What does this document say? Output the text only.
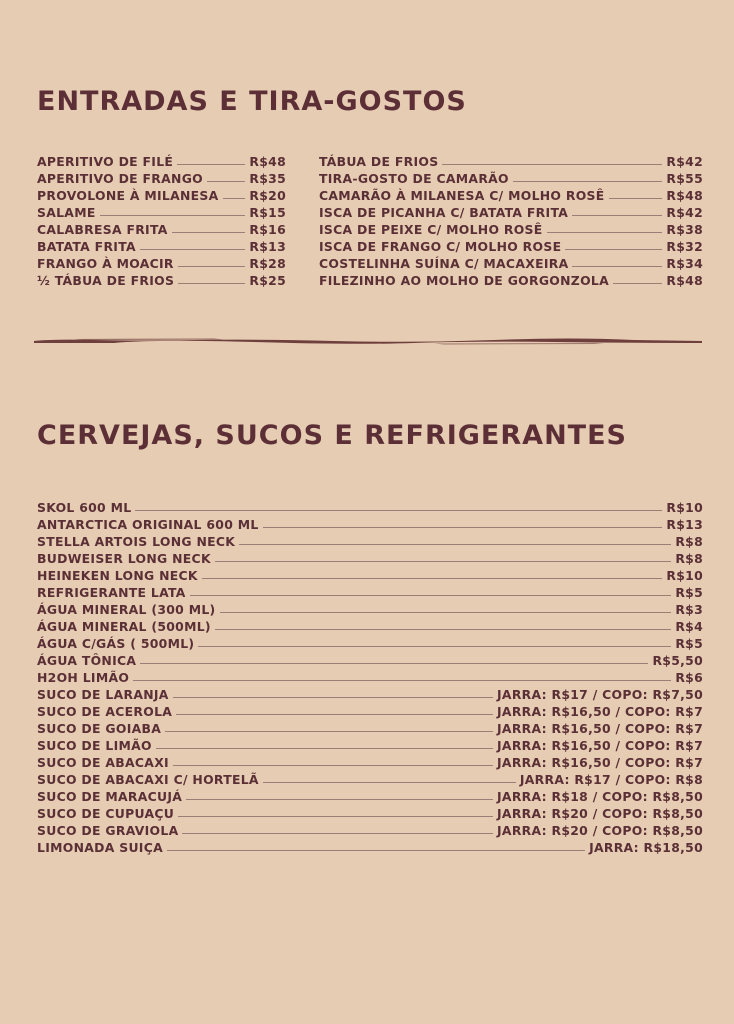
ENTRADAS E TIRA-GOSTOS
APERITIVO DE FILÉ	R$48
APERITIVO DE FRANGO	R$35
PROVOLONE À MILANESA R$20
SALAME	R$15
CALABRESA FRITA	R$16
BATATA FRITA	R$13
FRANGO À MOACIR	R$28
½ TÁBUA DE FRIOS	R$25
TÁBUA DE FRIOS	R$42
TIRA-GOSTO DE CAMARÃO	R$55
CAMARÃO À MILANESA C/ MOLHO ROSÊ	R$48
ISCA DE PICANHA C/ BATATA FRITA	R$42
ISCA DE PEIXE C/ MOLHO ROSÊ	R$38
ISCA DE FRANGO C/ MOLHO ROSE	R$32
COSTELINHA SUÍNA C/ MACAXEIRA	R$34
FILEZINHO AO MOLHO DE GORGONZOLA	R$48
CERVEJAS, SUCOS E REFRIGERANTES
SKOL 600 ML	R$10
ANTARCTICA ORIGINAL 600 ML	R$13
STELLA ARTOIS LONG NECK	R$8
BUDWEISER LONG NECK	R$8
HEINEKEN LONG NECK	R$10
REFRIGERANTE LATA	R$5
ÁGUA MINERAL (300 ML)	R$3
ÁGUA MINERAL (500ML)	R$4
ÁGUA C/GÁS ( 500ML)	R$5
ÁGUA TÔNICA	R$5,50
H2OH LIMÃO	R$6
SUCO DE LARANJA	JARRA: R$17 / COPO: R$7,50
SUCO DE ACEROLA	JARRA: R$16,50 / COPO: R$7
SUCO DE GOIABA	JARRA: R$16,50 / COPO: R$7
SUCO DE LIMÃO	JARRA: R$16,50 / COPO: R$7
SUCO DE ABACAXI	JARRA: R$16,50 / COPO: R$7
SUCO DE ABACAXI C/ HORTELÃ	JARRA: R$17 / COPO: R$8
SUCO DE MARACUJÁ	JARRA: R$18 / COPO: R$8,50
SUCO DE CUPUAÇU	JARRA: R$20 / COPO: R$8,50
SUCO DE GRAVIOLA	JARRA: R$20 / COPO: R$8,50
LIMONADA SUIÇA	JARRA: R$18,50
